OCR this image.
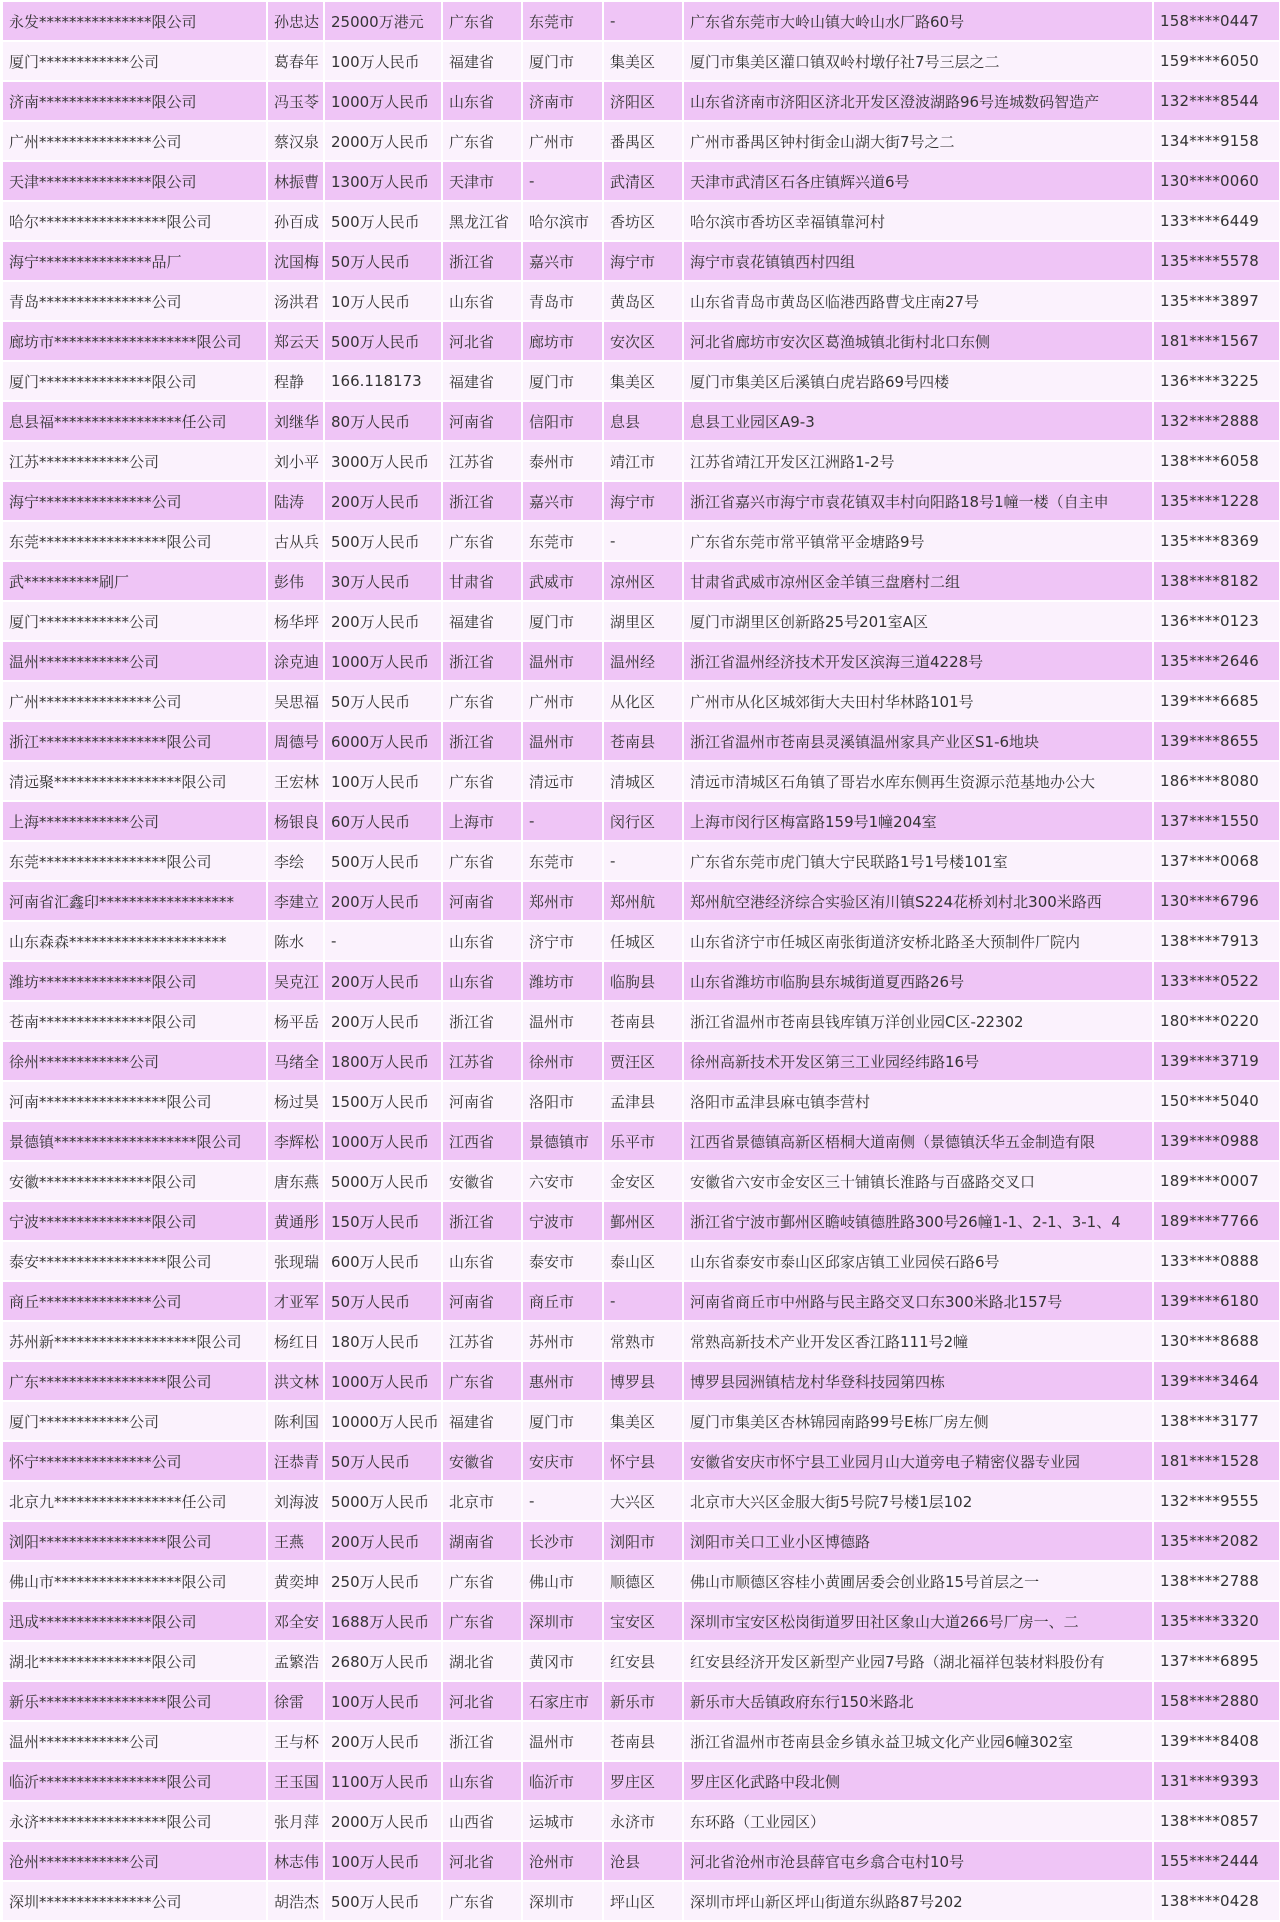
永发***************限公司	孙忠达	25000万港元	广东省	东莞市	-	广东省东莞市大岭山镇大岭山水厂路60号	158****0447
厦门************公司	葛春年	100万人民币	福建省	厦门市	集美区	厦门市集美区灌口镇双岭村墩仔社7号三层之二	159****6050
济南***************限公司	冯玉苓	1000万人民币	山东省	济南市	济阳区	山东省济南市济阳区济北开发区澄波湖路96号连城数码智造产	132****8544
广州***************公司	蔡汉泉	2000万人民币	广东省	广州市	番禺区	广州市番禺区钟村街金山湖大街7号之二	134****9158
天津***************限公司	林振曹	1300万人民币	天津市	-	武清区	天津市武清区石各庄镇辉兴道6号	130****0060
哈尔*****************限公司	孙百成	500万人民币	黑龙江省	哈尔滨市	香坊区	哈尔滨市香坊区幸福镇靠河村	133****6449
海宁***************品厂	沈国梅	50万人民币	浙江省	嘉兴市	海宁市	海宁市袁花镇镇西村四组	135****5578
青岛***************公司	汤洪君	10万人民币	山东省	青岛市	黄岛区	山东省青岛市黄岛区临港西路曹戈庄南27号	135****3897
廊坊市*******************限公司	郑云天	500万人民币	河北省	廊坊市	安次区	河北省廊坊市安次区葛渔城镇北街村北口东侧	181****1567
厦门***************限公司	程静	166.118173	福建省	厦门市	集美区	厦门市集美区后溪镇白虎岩路69号四楼	136****3225
息县福*****************任公司	刘继华	80万人民币	河南省	信阳市	息县	息县工业园区A9-3	132****2888
江苏************公司	刘小平	3000万人民币	江苏省	泰州市	靖江市	江苏省靖江开发区江洲路1-2号	138****6058
海宁***************公司	陆涛	200万人民币	浙江省	嘉兴市	海宁市	浙江省嘉兴市海宁市袁花镇双丰村向阳路18号1幢一楼（自主申	135****1228
东莞*****************限公司	古从兵	500万人民币	广东省	东莞市	-	广东省东莞市常平镇常平金塘路9号	135****8369
武**********刷厂	彭伟	30万人民币	甘肃省	武威市	凉州区	甘肃省武威市凉州区金羊镇三盘磨村二组	138****8182
厦门************公司	杨华坪	200万人民币	福建省	厦门市	湖里区	厦门市湖里区创新路25号201室A区	136****0123
温州************公司	涂克迪	1000万人民币	浙江省	温州市	温州经	浙江省温州经济技术开发区滨海三道4228号	135****2646
广州***************公司	吴思福	50万人民币	广东省	广州市	从化区	广州市从化区城郊街大夫田村华林路101号	139****6685
浙江*****************限公司	周德号	6000万人民币	浙江省	温州市	苍南县	浙江省温州市苍南县灵溪镇温州家具产业区S1-6地块	139****8655
清远聚*****************限公司	王宏林	100万人民币	广东省	清远市	清城区	清远市清城区石角镇了哥岩水库东侧再生资源示范基地办公大	186****8080
上海************公司	杨银良	60万人民币	上海市	-	闵行区	上海市闵行区梅富路159号1幢204室	137****1550
东莞*****************限公司	李绘	500万人民币	广东省	东莞市	-	广东省东莞市虎门镇大宁民联路1号1号楼101室	137****0068
河南省汇鑫印******************	李建立	200万人民币	河南省	郑州市	郑州航	郑州航空港经济综合实验区洧川镇S224花桥刘村北300米路西	130****6796
山东森森*********************	陈水	-	山东省	济宁市	任城区	山东省济宁市任城区南张街道济安桥北路圣大预制件厂院内	138****7913
潍坊***************限公司	吴克江	200万人民币	山东省	潍坊市	临朐县	山东省潍坊市临朐县东城街道夏西路26号	133****0522
苍南***************限公司	杨平岳	200万人民币	浙江省	温州市	苍南县	浙江省温州市苍南县钱库镇万洋创业园C区-22302	180****0220
徐州************公司	马绪全	1800万人民币	江苏省	徐州市	贾汪区	徐州高新技术开发区第三工业园经纬路16号	139****3719
河南*****************限公司	杨过昊	1500万人民币	河南省	洛阳市	孟津县	洛阳市孟津县麻屯镇李营村	150****5040
景德镇*******************限公司	李辉松	1000万人民币	江西省	景德镇市	乐平市	江西省景德镇高新区梧桐大道南侧（景德镇沃华五金制造有限	139****0988
安徽***************限公司	唐东燕	5000万人民币	安徽省	六安市	金安区	安徽省六安市金安区三十铺镇长淮路与百盛路交叉口	189****0007
宁波***************限公司	黄通彤	150万人民币	浙江省	宁波市	鄞州区	浙江省宁波市鄞州区瞻岐镇德胜路300号26幢1-1、2-1、3-1、4	189****7766
泰安*****************限公司	张现瑞	600万人民币	山东省	泰安市	泰山区	山东省泰安市泰山区邱家店镇工业园侯石路6号	133****0888
商丘***************公司	才亚军	50万人民币	河南省	商丘市	-	河南省商丘市中州路与民主路交叉口东300米路北157号	139****6180
苏州新*******************限公司	杨红日	180万人民币	江苏省	苏州市	常熟市	常熟高新技术产业开发区香江路111号2幢	130****8688
广东*****************限公司	洪文林	1000万人民币	广东省	惠州市	博罗县	博罗县园洲镇桔龙村华登科技园第四栋	139****3464
厦门************公司	陈利国	10000万人民币	福建省	厦门市	集美区	厦门市集美区杏林锦园南路99号E栋厂房左侧	138****3177
怀宁***************公司	汪恭青	50万人民币	安徽省	安庆市	怀宁县	安徽省安庆市怀宁县工业园月山大道旁电子精密仪器专业园	181****1528
北京九*****************任公司	刘海波	5000万人民币	北京市	-	大兴区	北京市大兴区金服大街5号院7号楼1层102	132****9555
浏阳*****************限公司	王燕	200万人民币	湖南省	长沙市	浏阳市	浏阳市关口工业小区博德路	135****2082
佛山市*****************限公司	黄奕坤	250万人民币	广东省	佛山市	顺德区	佛山市顺德区容桂小黄圃居委会创业路15号首层之一	138****2788
迅成***************限公司	邓全安	1688万人民币	广东省	深圳市	宝安区	深圳市宝安区松岗街道罗田社区象山大道266号厂房一、二	135****3320
湖北***************限公司	孟繁浩	2680万人民币	湖北省	黄冈市	红安县	红安县经济开发区新型产业园7号路（湖北福祥包装材料股份有	137****6895
新乐*****************限公司	徐雷	100万人民币	河北省	石家庄市	新乐市	新乐市大岳镇政府东行150米路北	158****2880
温州************公司	王与杯	200万人民币	浙江省	温州市	苍南县	浙江省温州市苍南县金乡镇永益卫城文化产业园6幢302室	139****8408
临沂*****************限公司	王玉国	1100万人民币	山东省	临沂市	罗庄区	罗庄区化武路中段北侧	131****9393
永济*****************限公司	张月萍	2000万人民币	山西省	运城市	永济市	东环路（工业园区）	138****0857
沧州************公司	林志伟	100万人民币	河北省	沧州市	沧县	河北省沧州市沧县薛官屯乡翕合屯村10号	155****2444
深圳***************公司	胡浩杰	500万人民币	广东省	深圳市	坪山区	深圳市坪山新区坪山街道东纵路87号202	138****0428
